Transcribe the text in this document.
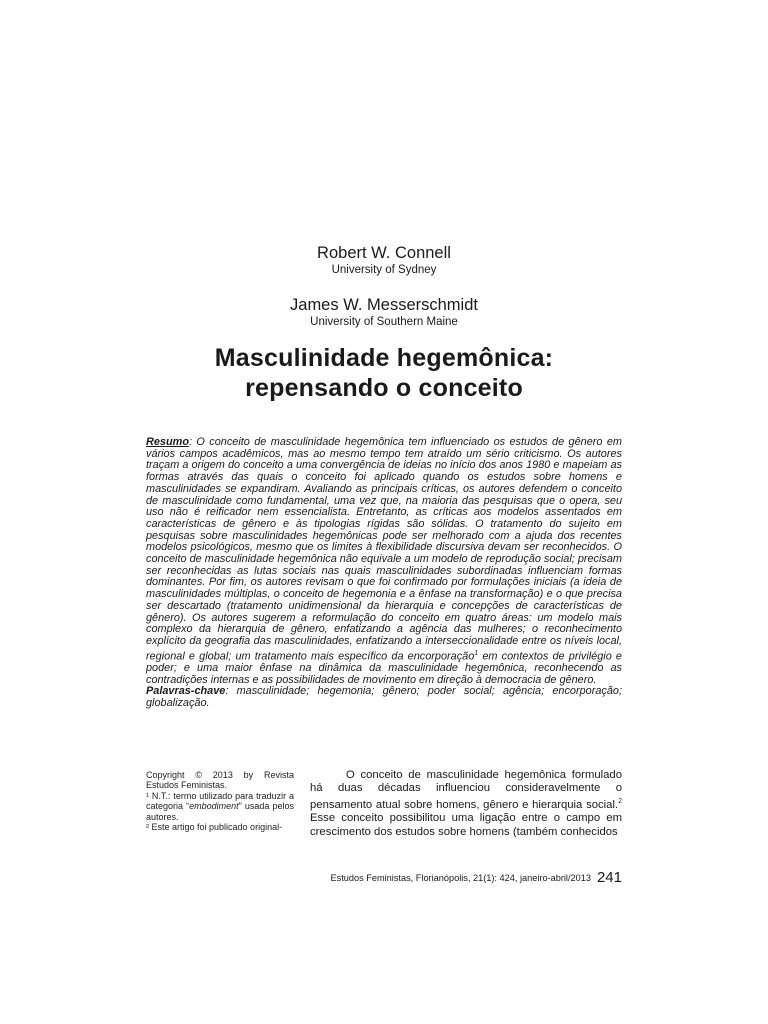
Robert W. Connell
University of Sydney
James W. Messerschmidt
University of Southern Maine
Masculinidade hegemônica:
repensando o conceito

Resumo: O conceito de masculinidade hegemônica tem influenciado os estudos de gênero em vários campos acadêmicos, mas ao mesmo tempo tem atraído um sério criticismo. Os autores traçam a origem do conceito a uma convergência de ideias no início dos anos 1980 e mapeiam as formas através das quais o conceito foi aplicado quando os estudos sobre homens e masculinidades se expandiram. Avaliando as principais críticas, os autores defendem o conceito de masculinidade como fundamental, uma vez que, na maioria das pesquisas que o opera, seu uso não é reificador nem essencialista. Entretanto, as críticas aos modelos assentados em características de gênero e às tipologias rígidas são sólidas. O tratamento do sujeito em pesquisas sobre masculinidades hegemônicas pode ser melhorado com a ajuda dos recentes modelos psicológicos, mesmo que os limites à flexibilidade discursiva devam ser reconhecidos. O conceito de masculinidade hegemônica não equivale a um modelo de reprodução social; precisam ser reconhecidas as lutas sociais nas quais masculinidades subordinadas influenciam formas dominantes. Por fim, os autores revisam o que foi confirmado por formulações iniciais (a ideia de masculinidades múltiplas, o conceito de hegemonia e a ênfase na transformação) e o que precisa ser descartado (tratamento unidimensional da hierarquia e concepções de características de gênero). Os autores sugerem a reformulação do conceito em quatro áreas: um modelo mais complexo da hierarquia de gênero, enfatizando a agência das mulheres; o reconhecimento explícito da geografia das masculinidades, enfatizando a interseccionalidade entre os níveis local, regional e global; um tratamento mais específico da encorporação$^1$ em contextos de privilégio e poder; e uma maior ênfase na dinâmica da masculinidade hegemônica, reconhecendo as contradições internas e as possibilidades de movimento em direção à democracia de gênero.

Palavras-chave: masculinidade; hegemonia; gênero; poder social; agência; encorporação; globalização.

Copyright © 2013 by Revista Estudos Feministas.

¹ N.T.: termo utilizado para traduzir a categoria “embodiment” usada pelos autores.

² Este artigo foi publicado original-

O conceito de masculinidade hegemônica formulado há duas décadas influenciou consideravelmente o pensamento atual sobre homens, gênero e hierarquia social.$^2$ Esse conceito possibilitou uma ligação entre o campo em crescimento dos estudos sobre homens (também conhecidos

Estudos Feministas, Florianópolis, 21(1): 424, janeiro-abril/2013 241
